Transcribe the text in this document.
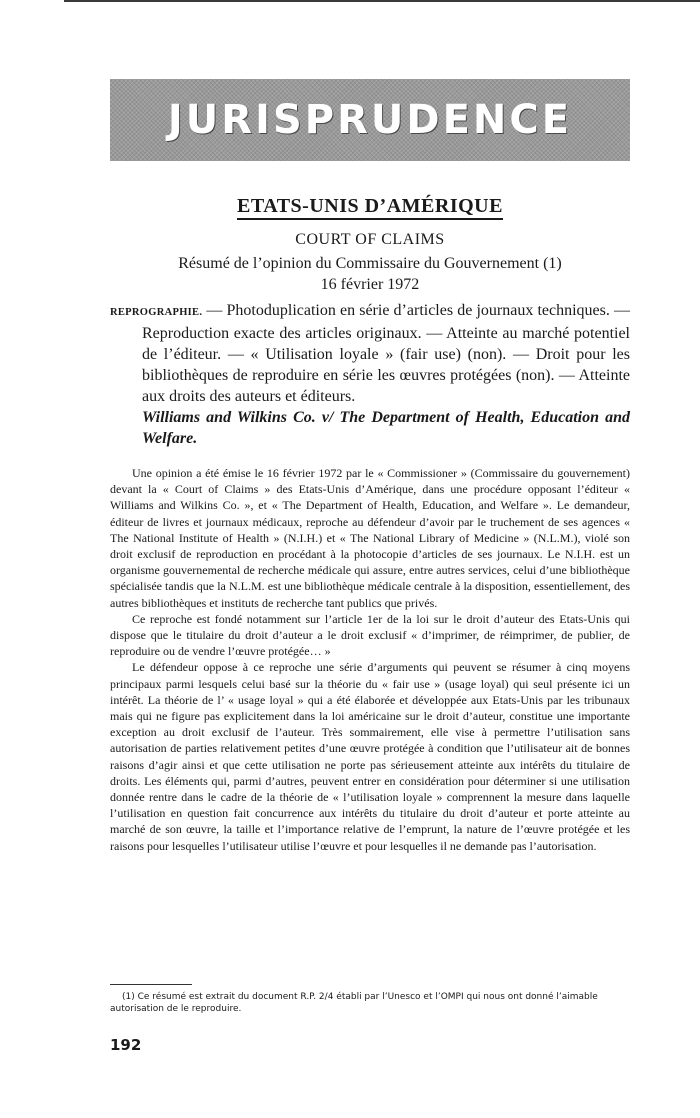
JURISPRUDENCE
ETATS-UNIS D’AMÉRIQUE
COURT OF CLAIMS
Résumé de l’opinion du Commissaire du Gouvernement (1)
16 février 1972

REPROGRAPHIE. — Photoduplication en série d’articles de journaux techniques. — Reproduction exacte des articles originaux. — Atteinte au marché potentiel de l’éditeur. — « Utilisation loyale » (fair use) (non). — Droit pour les bibliothèques de reproduire en série les œuvres protégées (non). — Atteinte aux droits des auteurs et éditeurs.

Williams and Wilkins Co. v/ The Department of Health, Education and Welfare.

Une opinion a été émise le 16 février 1972 par le « Commissioner » (Commissaire du gouvernement) devant la « Court of Claims » des Etats-Unis d’Amérique, dans une procédure opposant l’éditeur « Williams and Wilkins Co. », et « The Department of Health, Education, and Welfare ». Le demandeur, éditeur de livres et journaux médicaux, reproche au défendeur d’avoir par le truchement de ses agences « The National Institute of Health » (N.I.H.) et « The National Library of Medicine » (N.L.M.), violé son droit exclusif de reproduction en procédant à la photocopie d’articles de ses journaux. Le N.I.H. est un organisme gouvernemental de recherche médicale qui assure, entre autres services, celui d’une bibliothèque spécialisée tandis que la N.L.M. est une bibliothèque médicale centrale à la disposition, essentiellement, des autres bibliothèques et instituts de recherche tant publics que privés.

Ce reproche est fondé notamment sur l’article 1er de la loi sur le droit d’auteur des Etats-Unis qui dispose que le titulaire du droit d’auteur a le droit exclusif « d’imprimer, de réimprimer, de publier, de reproduire ou de vendre l’œuvre protégée… »

Le défendeur oppose à ce reproche une série d’arguments qui peuvent se résumer à cinq moyens principaux parmi lesquels celui basé sur la théorie du « fair use » (usage loyal) qui seul présente ici un intérêt. La théorie de l’ « usage loyal » qui a été élaborée et développée aux Etats-Unis par les tribunaux mais qui ne figure pas explicitement dans la loi américaine sur le droit d’auteur, constitue une importante exception au droit exclusif de l’auteur. Très sommairement, elle vise à permettre l’utilisation sans autorisation de parties relativement petites d’une œuvre protégée à condition que l’utilisateur ait de bonnes raisons d’agir ainsi et que cette utilisation ne porte pas sérieusement atteinte aux intérêts du titulaire de droits. Les éléments qui, parmi d’autres, peuvent entrer en considération pour déterminer si une utilisation donnée rentre dans le cadre de la théorie de « l’utilisation loyale » comprennent la mesure dans laquelle l’utilisation en question fait concurrence aux intérêts du titulaire du droit d’auteur et porte atteinte au marché de son œuvre, la taille et l’importance relative de l’emprunt, la nature de l’œuvre protégée et les raisons pour lesquelles l’utilisateur utilise l’œuvre et pour lesquelles il ne demande pas l’autorisation.

(1) Ce résumé est extrait du document R.P. 2/4 établi par l’Unesco et l’OMPI qui nous ont donné l’aimable autorisation de le reproduire.
192
